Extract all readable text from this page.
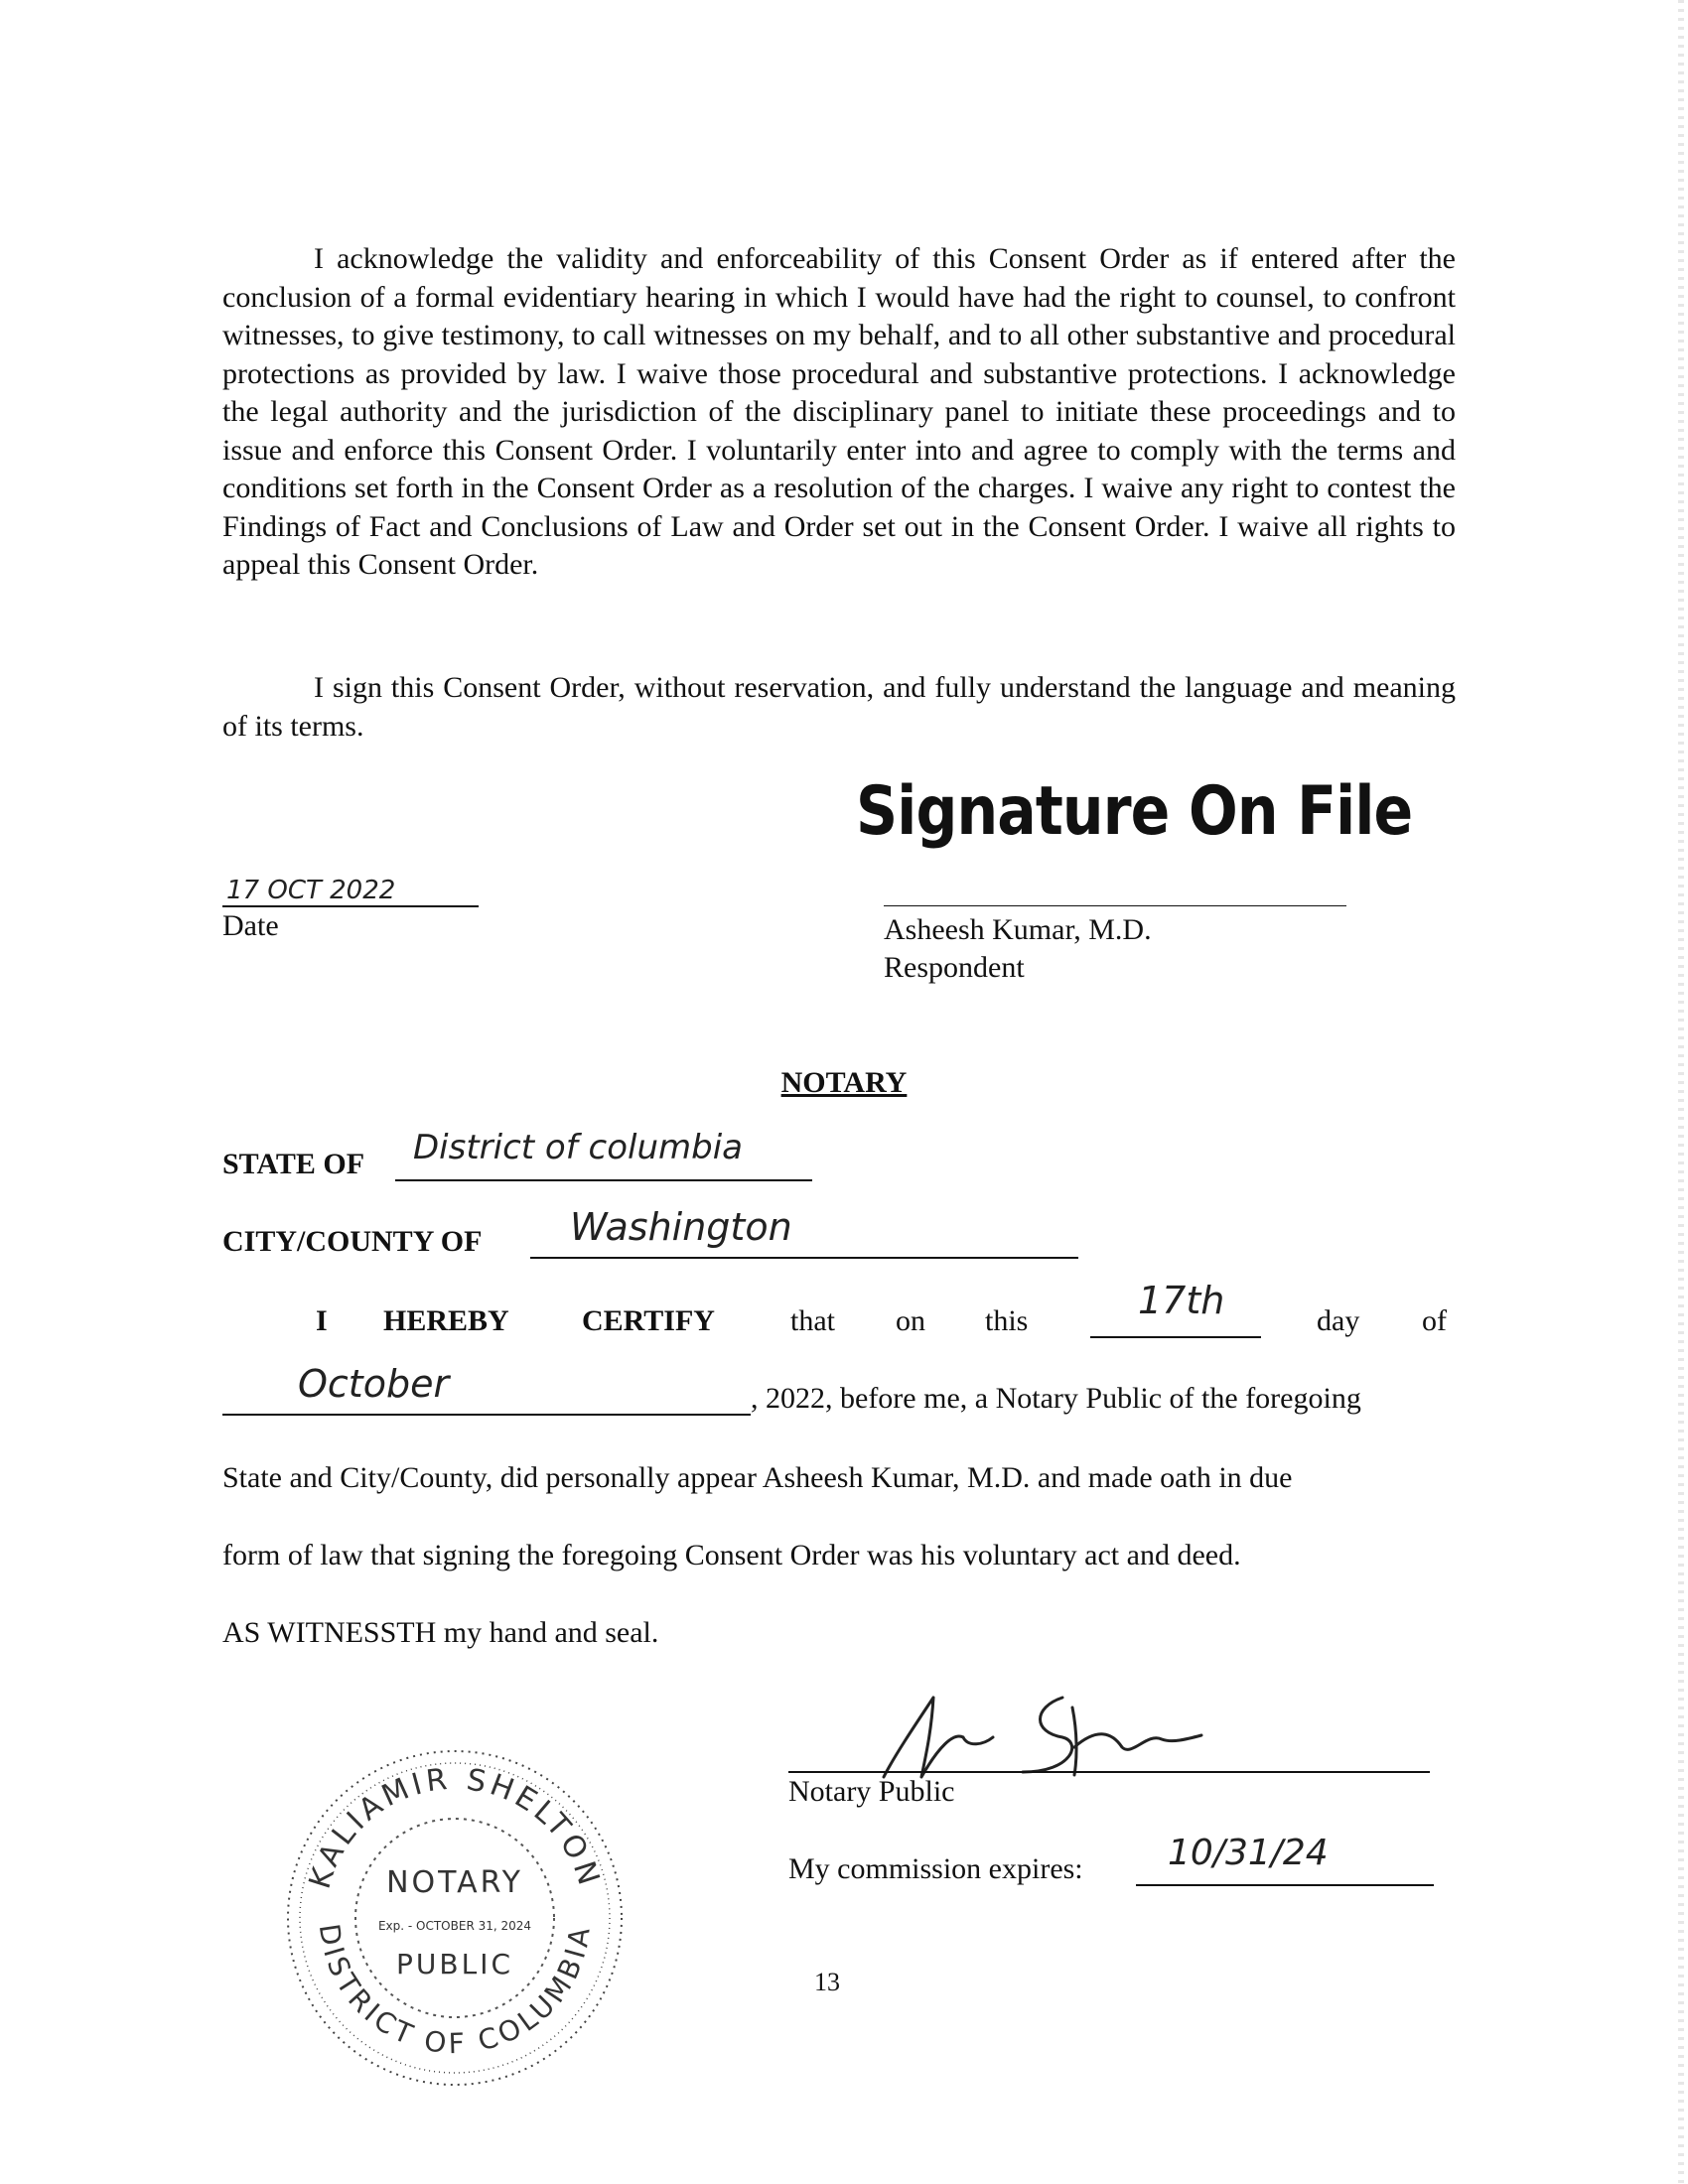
I acknowledge the validity and enforceability of this Consent Order as if entered after the conclusion of a formal evidentiary hearing in which I would have had the right to counsel, to confront witnesses, to give testimony, to call witnesses on my behalf, and to all other substantive and procedural protections as provided by law. I waive those procedural and substantive protections. I acknowledge the legal authority and the jurisdiction of the disciplinary panel to initiate these proceedings and to issue and enforce this Consent Order. I voluntarily enter into and agree to comply with the terms and conditions set forth in the Consent Order as a resolution of the charges. I waive any right to contest the Findings of Fact and Conclusions of Law and Order set out in the Consent Order. I waive all rights to appeal this Consent Order.

I sign this Consent Order, without reservation, and fully understand the language and meaning of its terms.

Signature On File
17 OCT 2022
Date	Asheesh Kumar, M.D.
Respondent
NOTARY
STATE OF District of columbia
CITY/COUNTY OF Washington
I HEREBY CERTIFY	that on this	17th	day of
October	, 2022, before me, a Notary Public of the foregoing
State and City/County, did personally appear Asheesh Kumar, M.D. and made oath in due
form of law that signing the foregoing Consent Order was his voluntary act and deed.
AS WITNESSTH my hand and seal.
Notary Public
My commission expires: 10/31/24
KALIAMIR SHELTON
DISTRICT OF COLUMBIA
NOTARY
Exp. - OCTOBER 31, 2024
PUBLIC
13
